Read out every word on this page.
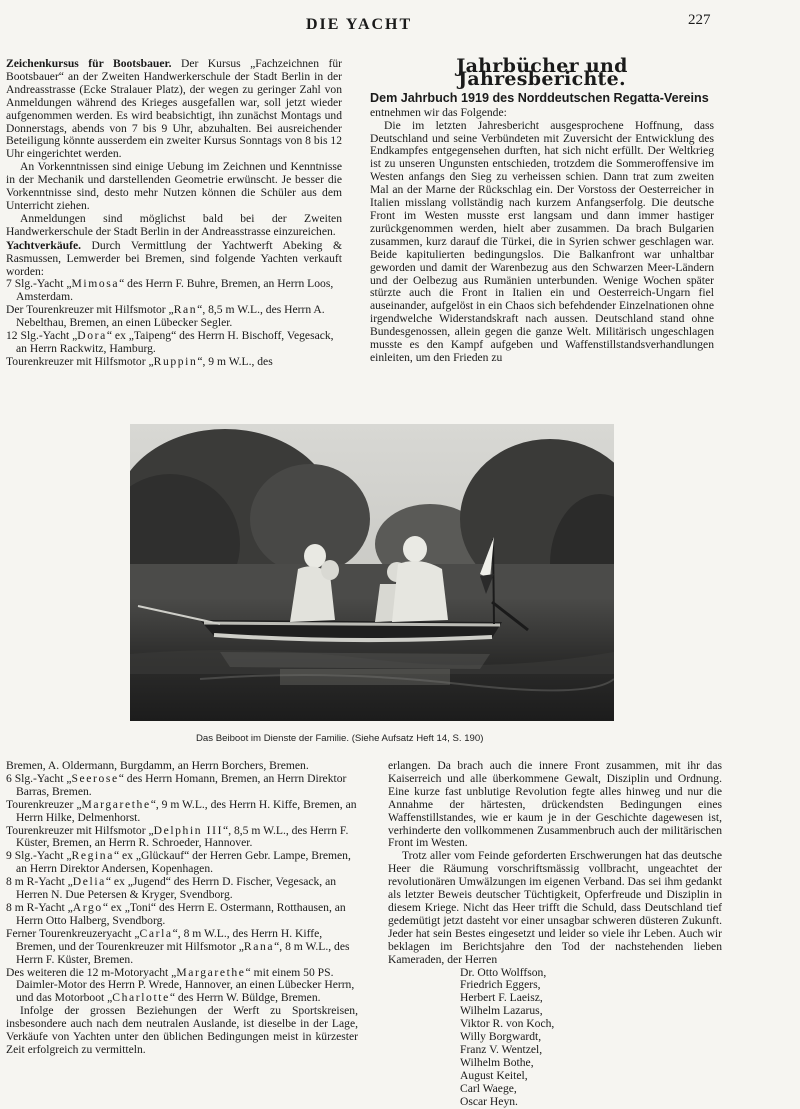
DIE YACHT	227

Zeichenkursus für Bootsbauer. Der Kursus „Fachzeichnen für Bootsbauer“ an der Zweiten Handwerkerschule der Stadt Berlin in der Andreasstrasse (Ecke Stralauer Platz), der wegen zu geringer Zahl von Anmeldungen während des Krieges ausgefallen war, soll jetzt wieder aufgenommen werden. Es wird beabsichtigt, ihn zunächst Montags und Donnerstags, abends von 7 bis 9 Uhr, abzuhalten. Bei ausreichender Beteiligung könnte ausserdem ein zweiter Kursus Sonntags von 8 bis 12 Uhr eingerichtet werden.

An Vorkenntnissen sind einige Uebung im Zeichnen und Kenntnisse in der Mechanik und darstellenden Geometrie erwünscht. Je besser die Vorkenntnisse sind, desto mehr Nutzen können die Schüler aus dem Unterricht ziehen.

Anmeldungen sind möglichst bald bei der Zweiten Handwerkerschule der Stadt Berlin in der Andreasstrasse einzureichen.

Yachtverkäufe. Durch Vermittlung der Yachtwerft Abeking & Rasmussen, Lemwerder bei Bremen, sind folgende Yachten verkauft worden:

7 Slg.-Yacht „Mimosa“ des Herrn F. Buhre, Bremen, an Herrn Loos, Amsterdam.

Der Tourenkreuzer mit Hilfsmotor „Ran“, 8,5 m W.L., des Herrn A. Nebelthau, Bremen, an einen Lübecker Segler.

12 Slg.-Yacht „Dora“ ex „Taipeng“ des Herrn H. Bischoff, Vegesack, an Herrn Rackwitz, Hamburg.

Tourenkreuzer mit Hilfsmotor „Ruppin“, 9 m W.L., des

Jahrbücher und Jahresberichte.
Dem Jahrbuch 1919 des Norddeutschen Regatta-Vereins

entnehmen wir das Folgende:

Die im letzten Jahresbericht ausgesprochene Hoffnung, dass Deutschland und seine Verbündeten mit Zuversicht der Entwicklung des Endkampfes entgegensehen durften, hat sich nicht erfüllt. Der Weltkrieg ist zu unseren Ungunsten entschieden, trotzdem die Sommeroffensive im Westen anfangs den Sieg zu verheissen schien. Dann trat zum zweiten Mal an der Marne der Rückschlag ein. Der Vorstoss der Oesterreicher in Italien misslang vollständig nach kurzem Anfangserfolg. Die deutsche Front im Westen musste erst langsam und dann immer hastiger zurückgenommen werden, hielt aber zusammen. Da brach Bulgarien zusammen, kurz darauf die Türkei, die in Syrien schwer geschlagen war. Beide kapitulierten bedingungslos. Die Balkanfront war unhaltbar geworden und damit der Warenbezug aus den Schwarzen Meer-Ländern und der Oelbezug aus Rumänien unterbunden. Wenige Wochen später stürzte auch die Front in Italien ein und Oesterreich-Ungarn fiel auseinander, aufgelöst in ein Chaos sich befehdender Einzelnationen ohne irgendwelche Widerstandskraft nach aussen. Deutschland stand ohne Bundesgenossen, allein gegen die ganze Welt. Militärisch ungeschlagen musste es den Kampf aufgeben und Waffenstillstandsverhandlungen einleiten, um den Frieden zu

Das Beiboot im Dienste der Familie. (Siehe Aufsatz Heft 14, S. 190)

Bremen, A. Oldermann, Burgdamm, an Herrn Borchers, Bremen.

6 Slg.-Yacht „Seerose“ des Herrn Homann, Bremen, an Herrn Direktor Barras, Bremen.

Tourenkreuzer „Margarethe“, 9 m W.L., des Herrn H. Kiffe, Bremen, an Herrn Hilke, Delmenhorst.

Tourenkreuzer mit Hilfsmotor „Delphin III“, 8,5 m W.L., des Herrn F. Küster, Bremen, an Herrn R. Schroeder, Hannover.

9 Slg.-Yacht „Regina“ ex „Glückauf“ der Herren Gebr. Lampe, Bremen, an Herrn Direktor Andersen, Kopenhagen.

8 m R-Yacht „Delia“ ex „Jugend“ des Herrn D. Fischer, Vegesack, an Herren N. Due Petersen & Kryger, Svendborg.

8 m R-Yacht „Argo“ ex „Toni“ des Herrn E. Ostermann, Rotthausen, an Herrn Otto Halberg, Svendborg.

Ferner Tourenkreuzeryacht „Carla“, 8 m W.L., des Herrn H. Kiffe, Bremen, und der Tourenkreuzer mit Hilfsmotor „Rana“, 8 m W.L., des Herrn F. Küster, Bremen.

Des weiteren die 12 m-Motoryacht „Margarethe“ mit einem 50 PS. Daimler-Motor des Herrn P. Wrede, Hannover, an einen Lübecker Herrn, und das Motorboot „Charlotte“ des Herrn W. Büldge, Bremen.

Infolge der grossen Beziehungen der Werft zu Sportskreisen, insbesondere auch nach dem neutralen Auslande, ist dieselbe in der Lage, Verkäufe von Yachten unter den üblichen Bedingungen meist in kürzester Zeit erfolgreich zu vermitteln.

erlangen. Da brach auch die innere Front zusammen, mit ihr das Kaiserreich und alle überkommene Gewalt, Disziplin und Ordnung. Eine kurze fast unblutige Revolution fegte alles hinweg und nur die Annahme der härtesten, drückendsten Bedingungen eines Waffenstillstandes, wie er kaum je in der Geschichte dagewesen ist, verhinderte den vollkommenen Zusammenbruch auch der militärischen Front im Westen.

Trotz aller vom Feinde geforderten Erschwerungen hat das deutsche Heer die Räumung vorschriftsmässig vollbracht, ungeachtet der revolutionären Umwälzungen im eigenen Verband. Das sei ihm gedankt als letzter Beweis deutscher Tüchtigkeit, Opferfreude und Disziplin in diesem Kriege. Nicht das Heer trifft die Schuld, dass Deutschland tief gedemütigt jetzt dasteht vor einer unsagbar schweren düsteren Zukunft. Jeder hat sein Bestes eingesetzt und leider so viele ihr Leben. Auch wir beklagen im Berichtsjahre den Tod der nachstehenden lieben Kameraden, der Herren

Dr. Otto Wolffson,
Friedrich Eggers,
Herbert F. Laeisz,
Wilhelm Lazarus,
Viktor R. von Koch,
Willy Borgwardt,
Franz V. Wentzel,
Wilhelm Bothe,
August Keitel,
Carl Waege,
Oscar Heyn.
